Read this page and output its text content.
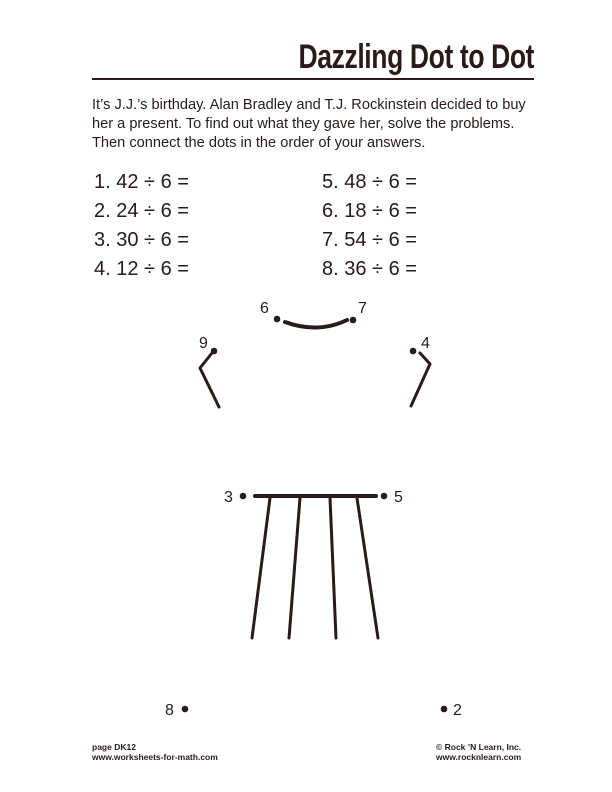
Dazzling Dot to Dot

It’s J.J.’s birthday. Alan Bradley and T.J. Rockinstein decided to buy her a present. To find out what they gave her, solve the problems. Then connect the dots in the order of your answers.

1. 42 ÷ 6 =
2. 24 ÷ 6 =
3. 30 ÷ 6 =
4. 12 ÷ 6 =
5. 48 ÷ 6 =
6. 18 ÷ 6 =
7. 54 ÷ 6 =
8. 36 ÷ 6 =
6	7
9	4
3	5
8	2
page DK12
www.worksheets-for-math.com
© Rock ’N Learn, Inc.
www.rocknlearn.com
